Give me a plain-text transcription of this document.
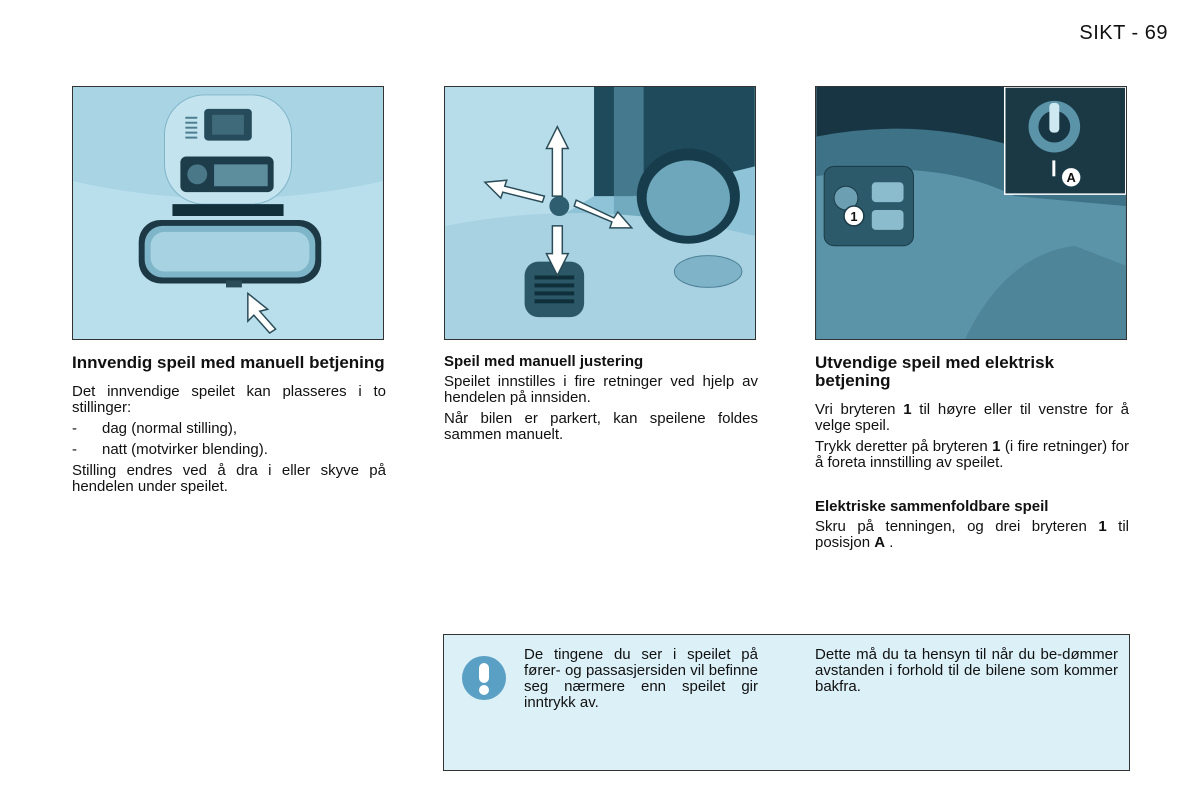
SIKT - 69
1
A
Innvendig speil med manuell betjening

Det innvendige speilet kan plasseres i to stillinger:

-	dag (normal stilling),
-	natt (motvirker blending).

Stilling endres ved å dra i eller skyve på hendelen under speilet.

Speil med manuell justering

Speilet innstilles i fire retninger ved hjelp av hendelen på innsiden.

Når bilen er parkert, kan speilene foldes sammen manuelt.

Utvendige speil med elektrisk betjening

Vri bryteren 1 til høyre eller til venstre for å velge speil.

Trykk deretter på bryteren 1 (i fire retninger) for å foreta innstilling av speilet.

Elektriske sammenfoldbare speil

Skru på tenningen, og drei bryteren 1 til posisjon A .

De tingene du ser i speilet på fører- og passasjersiden vil befinne seg nærmere enn speilet gir inntrykk av.
Dette må du ta hensyn til når du be-dømmer avstanden i forhold til de bilene som kommer bakfra.
